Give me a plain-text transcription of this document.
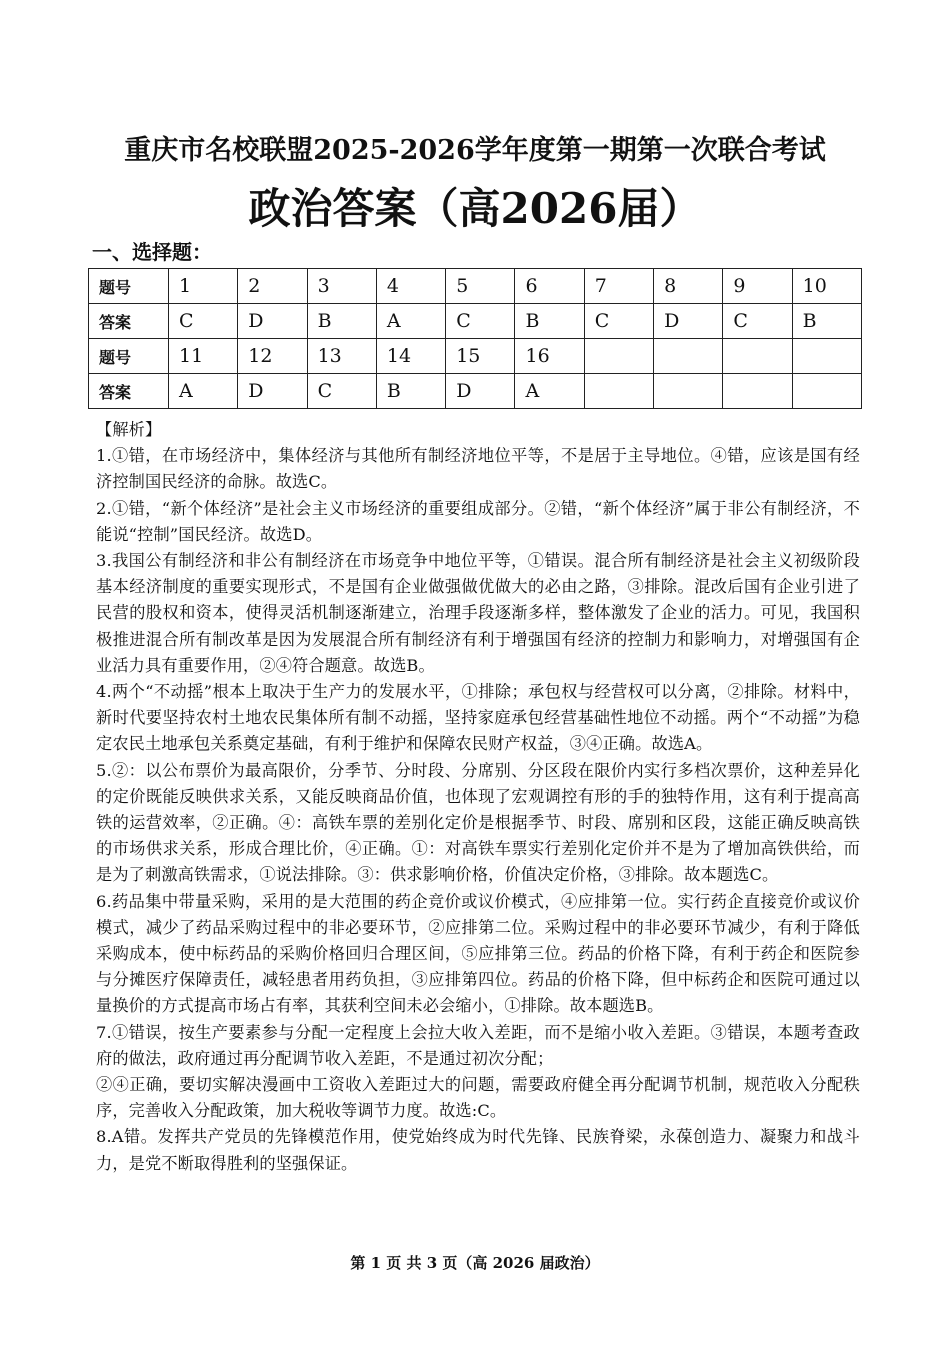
重庆市名校联盟2025-2026学年度第一期第一次联合考试
政治答案（高2026届）
一、选择题：
题号	1	2	3	4	5	6	7	8	9	10
答案	C	D	B	A	C	B	C	D	C	B
题号	11	12	13	14	15	16				
答案	A	D	C	B	D	A				

【解析】

1.①错，在市场经济中，集体经济与其他所有制经济地位平等，不是居于主导地位。④错，应该是国有经济控制国民经济的命脉。故选C。

2.①错，“新个体经济”是社会主义市场经济的重要组成部分。②错，“新个体经济”属于非公有制经济，不能说“控制”国民经济。故选D。

3.我国公有制经济和非公有制经济在市场竞争中地位平等，①错误。混合所有制经济是社会主义初级阶段基本经济制度的重要实现形式，不是国有企业做强做优做大的必由之路，③排除。混改后国有企业引进了民营的股权和资本，使得灵活机制逐渐建立，治理手段逐渐多样，整体激发了企业的活力。可见，我国积极推进混合所有制改革是因为发展混合所有制经济有利于增强国有经济的控制力和影响力，对增强国有企业活力具有重要作用，②④符合题意。故选B。

4.两个“不动摇”根本上取决于生产力的发展水平，①排除；承包权与经营权可以分离，②排除。材料中，新时代要坚持农村土地农民集体所有制不动摇，坚持家庭承包经营基础性地位不动摇。两个“不动摇”为稳定农民土地承包关系奠定基础，有利于维护和保障农民财产权益，③④正确。故选A。

5.②：以公布票价为最高限价，分季节、分时段、分席别、分区段在限价内实行多档次票价，这种差异化的定价既能反映供求关系，又能反映商品价值，也体现了宏观调控有形的手的独特作用，这有利于提高高铁的运营效率，②正确。④：高铁车票的差别化定价是根据季节、时段、席别和区段，这能正确反映高铁的市场供求关系，形成合理比价，④正确。①：对高铁车票实行差别化定价并不是为了增加高铁供给，而是为了刺激高铁需求，①说法排除。③：供求影响价格，价值决定价格，③排除。故本题选C。

6.药品集中带量采购，采用的是大范围的药企竞价或议价模式，④应排第一位。实行药企直接竞价或议价模式，减少了药品采购过程中的非必要环节，②应排第二位。采购过程中的非必要环节减少，有利于降低采购成本，使中标药品的采购价格回归合理区间，⑤应排第三位。药品的价格下降，有利于药企和医院参与分摊医疗保障责任，减轻患者用药负担，③应排第四位。药品的价格下降，但中标药企和医院可通过以量换价的方式提高市场占有率，其获利空间未必会缩小，①排除。故本题选B。

7.①错误，按生产要素参与分配一定程度上会拉大收入差距，而不是缩小收入差距。③错误，本题考查政府的做法，政府通过再分配调节收入差距，不是通过初次分配；

②④正确，要切实解决漫画中工资收入差距过大的问题，需要政府健全再分配调节机制，规范收入分配秩序，完善收入分配政策，加大税收等调节力度。故选:C。

8.A错。发挥共产党员的先锋模范作用，使党始终成为时代先锋、民族脊梁，永葆创造力、凝聚力和战斗力，是党不断取得胜利的坚强保证。

第 1 页 共 3 页（高 2026 届政治）
